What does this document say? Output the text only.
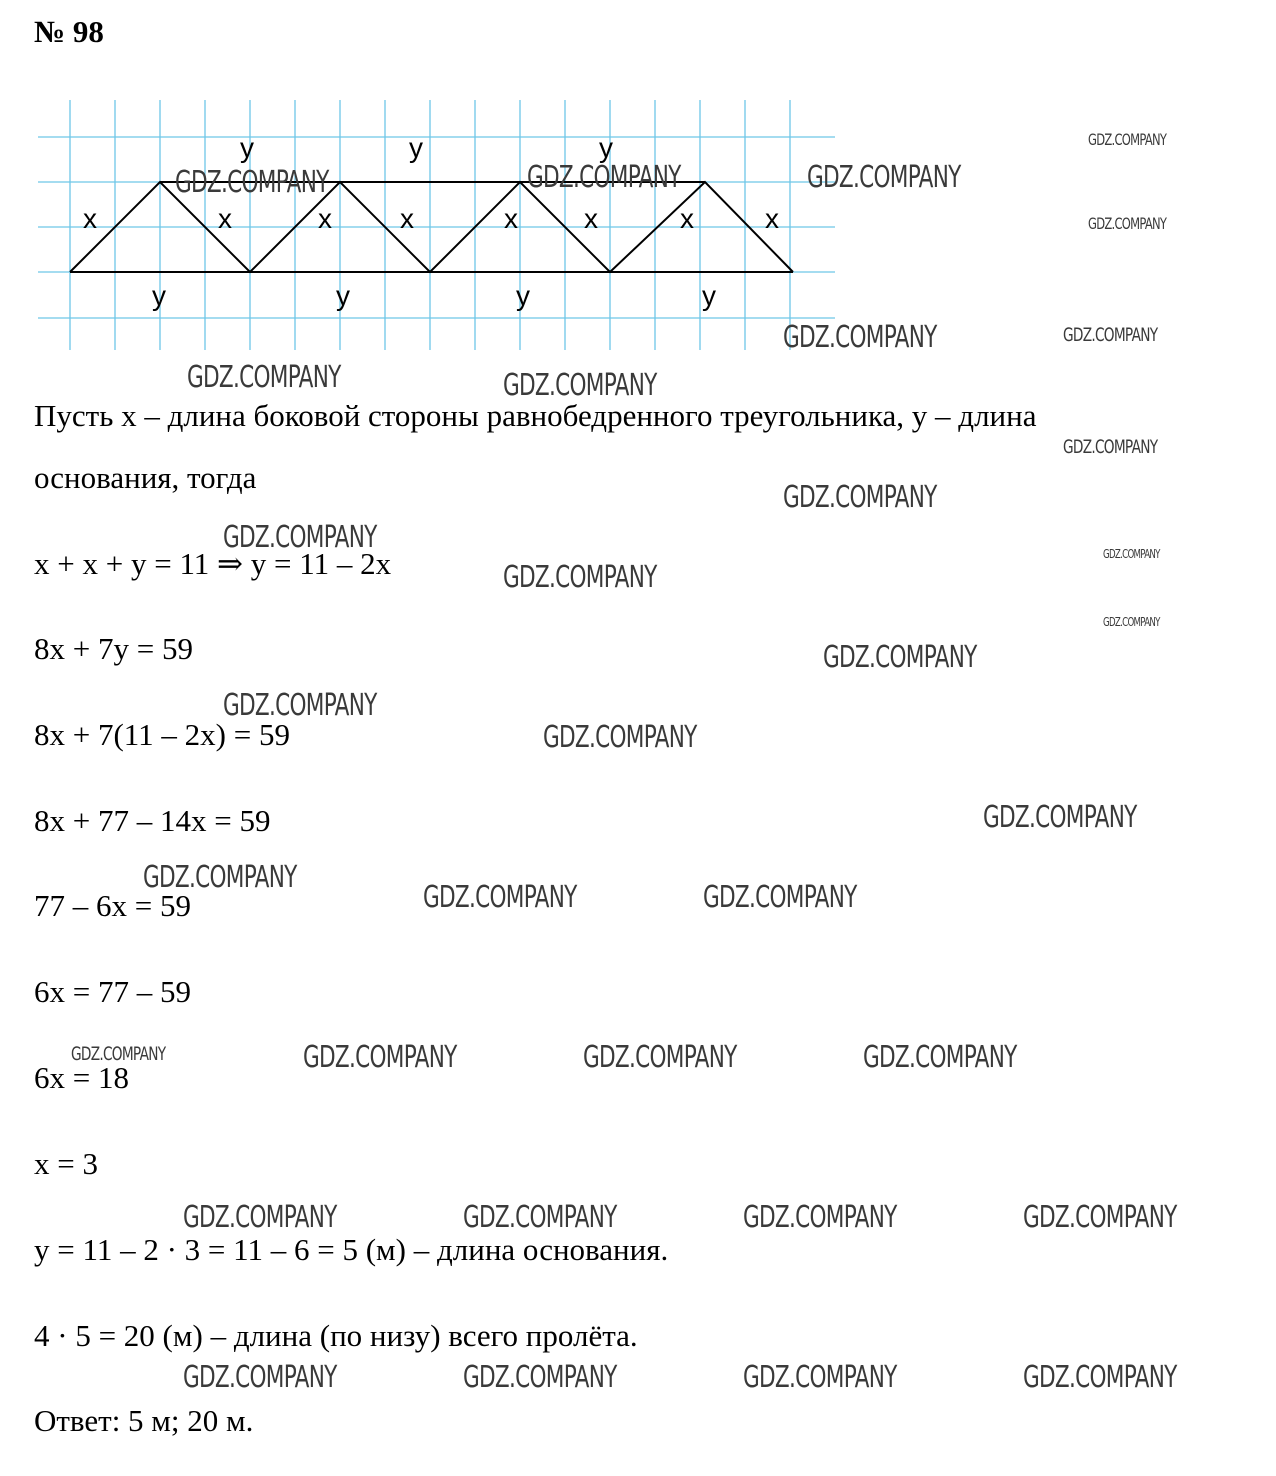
№ 98
y	y	y
x	x	x x	x x	x	x
y	y	y	y
Пусть x – длина боковой стороны равнобедренного треугольника, y – длина
основания, тогда
x + x + y = 11 ⇒ y = 11 – 2x
8x + 7y = 59
8x + 7(11 – 2x) = 59
8x + 77 – 14x = 59
77 – 6x = 59
6x = 77 – 59
6x = 18
x = 3
y = 11 – 2 · 3 = 11 – 6 = 5 (м) – длина основания.
4 · 5 = 20 (м) – длина (по низу) всего пролёта.
Ответ: 5 м; 20 м.
GDZ.COMPANY
GDZ.COMPANY	GDZ.COMPANY	GDZ.COMPANY
GDZ.COMPANY
GDZ.COMPANY	GDZ.COMPANY
GDZ.COMPANY	GDZ.COMPANY
GDZ.COMPANY
GDZ.COMPANY
GDZ.COMPANY	GDZ.COMPANY
GDZ.COMPANY
GDZ.COMPANY
GDZ.COMPANY
GDZ.COMPANY
GDZ.COMPANY
GDZ.COMPANY
GDZ.COMPANY
GDZ.COMPANY	GDZ.COMPANY
GDZ.COMPANY	GDZ.COMPANY	GDZ.COMPANY	GDZ.COMPANY
GDZ.COMPANY	GDZ.COMPANY	GDZ.COMPANY	GDZ.COMPANY
GDZ.COMPANY	GDZ.COMPANY	GDZ.COMPANY	GDZ.COMPANY
